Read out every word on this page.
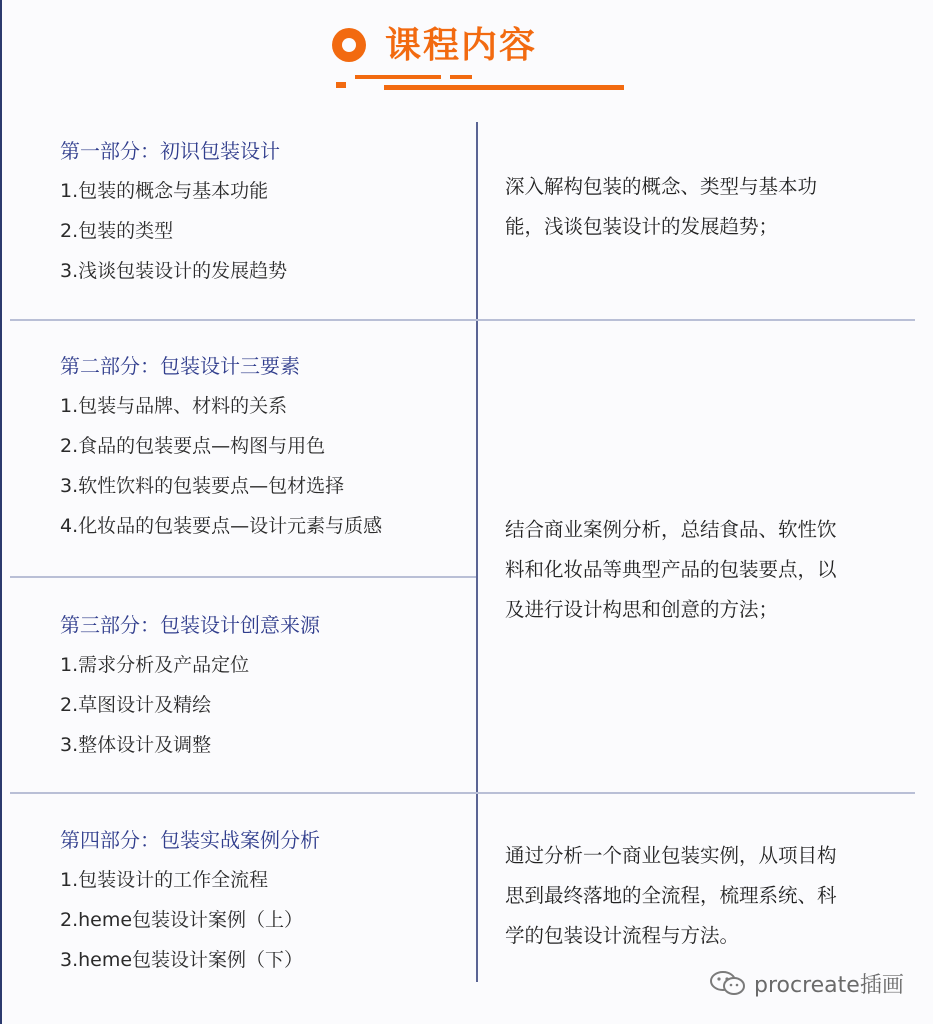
课程内容
第一部分：初识包装设计
1.包装的概念与基本功能
2.包装的类型
3.浅谈包装设计的发展趋势
第二部分：包装设计三要素
1.包装与品牌、材料的关系
2.食品的包装要点—构图与用色
3.软性饮料的包装要点—包材选择
4.化妆品的包装要点—设计元素与质感
第三部分：包装设计创意来源
1.需求分析及产品定位
2.草图设计及精绘
3.整体设计及调整
第四部分：包装实战案例分析
1.包装设计的工作全流程
2.heme包装设计案例（上）
3.heme包装设计案例（下）
深入解构包装的概念、类型与基本功
能，浅谈包装设计的发展趋势；
结合商业案例分析，总结食品、软性饮
料和化妆品等典型产品的包装要点，以
及进行设计构思和创意的方法；
通过分析一个商业包装实例，从项目构
思到最终落地的全流程，梳理系统、科
学的包装设计流程与方法。
procreate插画
